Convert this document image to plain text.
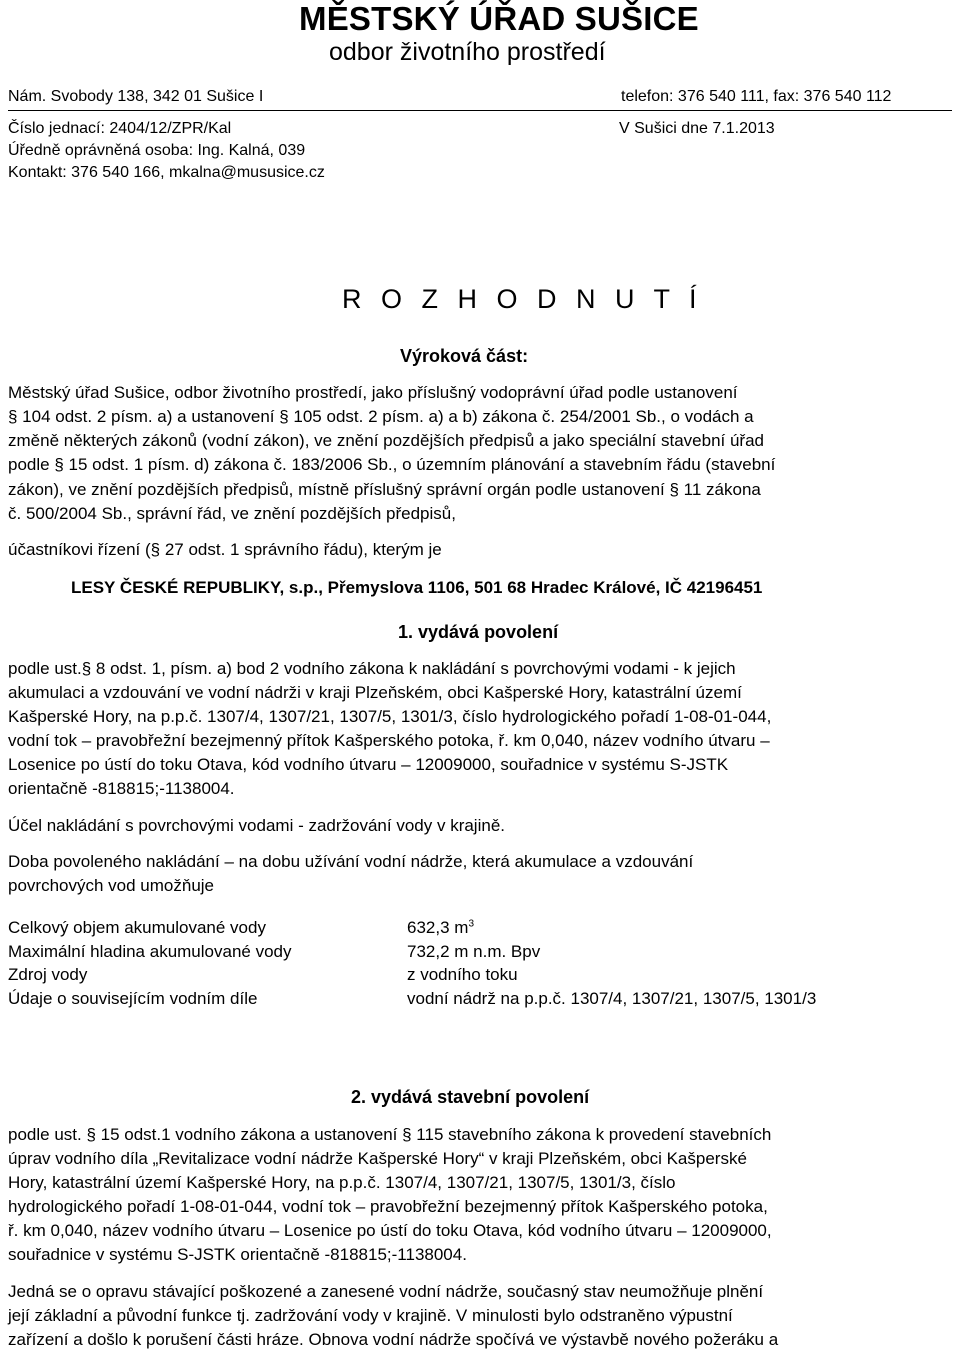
MĚSTSKÝ ÚŘAD SUŠICE
odbor životního prostředí
Nám. Svobody 138, 342 01 Sušice I	telefon: 376 540 111, fax: 376 540 112
Číslo jednací: 2404/12/ZPR/Kal	V Sušici dne 7.1.2013
Úředně oprávněná osoba: Ing. Kalná, 039
Kontakt: 376 540 166, mkalna@mususice.cz
R O Z H O D N U T Í
Výroková část:
Městský úřad Sušice, odbor životního prostředí, jako příslušný vodoprávní úřad podle ustanovení
§ 104 odst. 2 písm. a) a ustanovení § 105 odst. 2 písm. a) a b) zákona č. 254/2001 Sb., o vodách a
změně některých zákonů (vodní zákon), ve znění pozdějších předpisů a jako speciální stavební úřad
podle § 15 odst. 1 písm. d) zákona č. 183/2006 Sb., o územním plánování a stavebním řádu (stavební
zákon), ve znění pozdějších předpisů, místně příslušný správní orgán podle ustanovení § 11 zákona
č. 500/2004 Sb., správní řád, ve znění pozdějších předpisů,
účastníkovi řízení (§ 27 odst. 1 správního řádu), kterým je
LESY ČESKÉ REPUBLIKY, s.p., Přemyslova 1106, 501 68 Hradec Králové, IČ 42196451
1. vydává povolení
podle ust.§ 8 odst. 1, písm. a) bod 2 vodního zákona k nakládání s povrchovými vodami - k jejich
akumulaci a vzdouvání ve vodní nádrži v kraji Plzeňském, obci Kašperské Hory, katastrální území
Kašperské Hory, na p.p.č. 1307/4, 1307/21, 1307/5, 1301/3, číslo hydrologického pořadí 1-08-01-044,
vodní tok – pravobřežní bezejmenný přítok Kašperského potoka, ř. km 0,040, název vodního útvaru –
Losenice po ústí do toku Otava, kód vodního útvaru – 12009000, souřadnice v systému S-JSTK
orientačně -818815;-1138004.
Účel nakládání s povrchovými vodami - zadržování vody v krajině.
Doba povoleného nakládání – na dobu užívání vodní nádrže, která akumulace a vzdouvání
povrchových vod umožňuje
Celkový objem akumulované vody	632,3 $m^3$
Maximální hladina akumulované vody	732,2 m n.m. Bpv
Zdroj vody	z vodního toku
Údaje o souvisejícím vodním díle	vodní nádrž na p.p.č. 1307/4, 1307/21, 1307/5, 1301/3
2. vydává stavební povolení
podle ust. § 15 odst.1 vodního zákona a ustanovení § 115 stavebního zákona k provedení stavebních
úprav vodního díla „Revitalizace vodní nádrže Kašperské Hory“ v kraji Plzeňském, obci Kašperské
Hory, katastrální území Kašperské Hory, na p.p.č. 1307/4, 1307/21, 1307/5, 1301/3, číslo
hydrologického pořadí 1-08-01-044, vodní tok – pravobřežní bezejmenný přítok Kašperského potoka,
ř. km 0,040, název vodního útvaru – Losenice po ústí do toku Otava, kód vodního útvaru – 12009000,
souřadnice v systému S-JSTK orientačně -818815;-1138004.
Jedná se o opravu stávající poškozené a zanesené vodní nádrže, současný stav neumožňuje plnění
její základní a původní funkce tj. zadržování vody v krajině. V minulosti bylo odstraněno výpustní
zařízení a došlo k porušení části hráze. Obnova vodní nádrže spočívá ve výstavbě nového požeráku a
